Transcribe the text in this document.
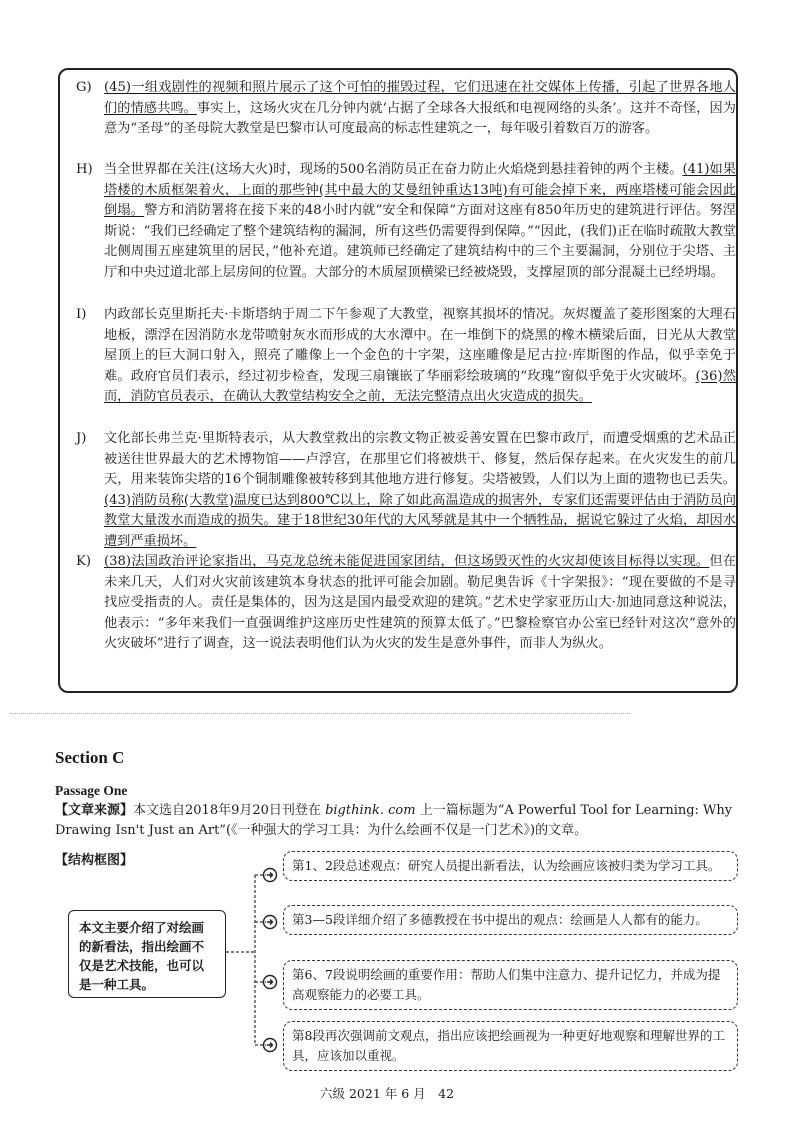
G) (45)一组戏剧性的视频和照片展示了这个可怕的摧毁过程，它们迅速在社交媒体上传播，引起了世界各地人们的情感共鸣。事实上，这场火灾在几分钟内就‘占据了全球各大报纸和电视网络的头条’。这并不奇怪，因为意为“圣母”的圣母院大教堂是巴黎市认可度最高的标志性建筑之一，每年吸引着数百万的游客。
H) 当全世界都在关注(这场大火)时，现场的500名消防员正在奋力防止火焰烧到悬挂着钟的两个主楼。(41)如果塔楼的木质框架着火，上面的那些钟(其中最大的艾曼纽钟重达13吨)有可能会掉下来，两座塔楼可能会因此倒塌。警方和消防署将在接下来的48小时内就“安全和保障”方面对这座有850年历史的建筑进行评估。努涅斯说：“我们已经确定了整个建筑结构的漏洞，所有这些仍需要得到保障。”“因此，(我们)正在临时疏散大教堂北侧周围五座建筑里的居民，”他补充道。建筑师已经确定了建筑结构中的三个主要漏洞，分别位于尖塔、主厅和中央过道北部上层房间的位置。大部分的木质屋顶横梁已经被烧毁，支撑屋顶的部分混凝土已经坍塌。
I) 内政部长克里斯托夫·卡斯塔纳于周二下午参观了大教堂，视察其损坏的情况。灰烬覆盖了菱形图案的大理石地板，漂浮在因消防水龙带喷射灰水而形成的大水潭中。在一堆倒下的烧黑的橡木横梁后面，日光从大教堂屋顶上的巨大洞口射入，照亮了雕像上一个金色的十字架，这座雕像是尼古拉·库斯图的作品，似乎幸免于难。政府官员们表示，经过初步检查，发现三扇镶嵌了华丽彩绘玻璃的“玫瑰”窗似乎免于火灾破坏。(36)然而，消防官员表示，在确认大教堂结构安全之前，无法完整清点出火灾造成的损失。
J) 文化部长弗兰克·里斯特表示，从大教堂救出的宗教文物正被妥善安置在巴黎市政厅，而遭受烟熏的艺术品正被送往世界最大的艺术博物馆——卢浮宫，在那里它们将被烘干、修复，然后保存起来。在火灾发生的前几天，用来装饰尖塔的16个铜制雕像被转移到其他地方进行修复。尖塔被毁，人们以为上面的遗物也已丢失。(43)消防员称(大教堂)温度已达到800℃以上，除了如此高温造成的损害外，专家们还需要评估由于消防员向教堂大量泼水而造成的损失。建于18世纪30年代的大风琴就是其中一个牺牲品，据说它躲过了火焰，却因水遭到严重损坏。
K) (38)法国政治评论家指出，马克龙总统未能促进国家团结，但这场毁灭性的火灾却使该目标得以实现。但在未来几天，人们对火灾前该建筑本身状态的批评可能会加剧。勒尼奥告诉《十字架报》：“现在要做的不是寻找应受指责的人。责任是集体的，因为这是国内最受欢迎的建筑。”艺术史学家亚历山大·加迪同意这种说法，他表示：“多年来我们一直强调维护这座历史性建筑的预算太低了。”巴黎检察官办公室已经针对这次“意外的火灾破坏”进行了调查，这一说法表明他们认为火灾的发生是意外事件，而非人为纵火。
Section C
Passage One
【文章来源】本文选自2018年9月20日刊登在 bigthink. com 上一篇标题为“A Powerful Tool for Learning: Why Drawing Isn't Just an Art”(《一种强大的学习工具：为什么绘画不仅是一门艺术》)的文章。
【结构框图】
本文主要介绍了对绘画的新看法，指出绘画不仅是艺术技能，也可以是一种工具。
第1、2段总述观点：研究人员提出新看法，认为绘画应该被归类为学习工具。
第3—5段详细介绍了多德教授在书中提出的观点：绘画是人人都有的能力。
第6、7段说明绘画的重要作用：帮助人们集中注意力、提升记忆力，并成为提高观察能力的必要工具。
第8段再次强调前文观点，指出应该把绘画视为一种更好地观察和理解世界的工具，应该加以重视。
六级 2021 年 6 月　42
